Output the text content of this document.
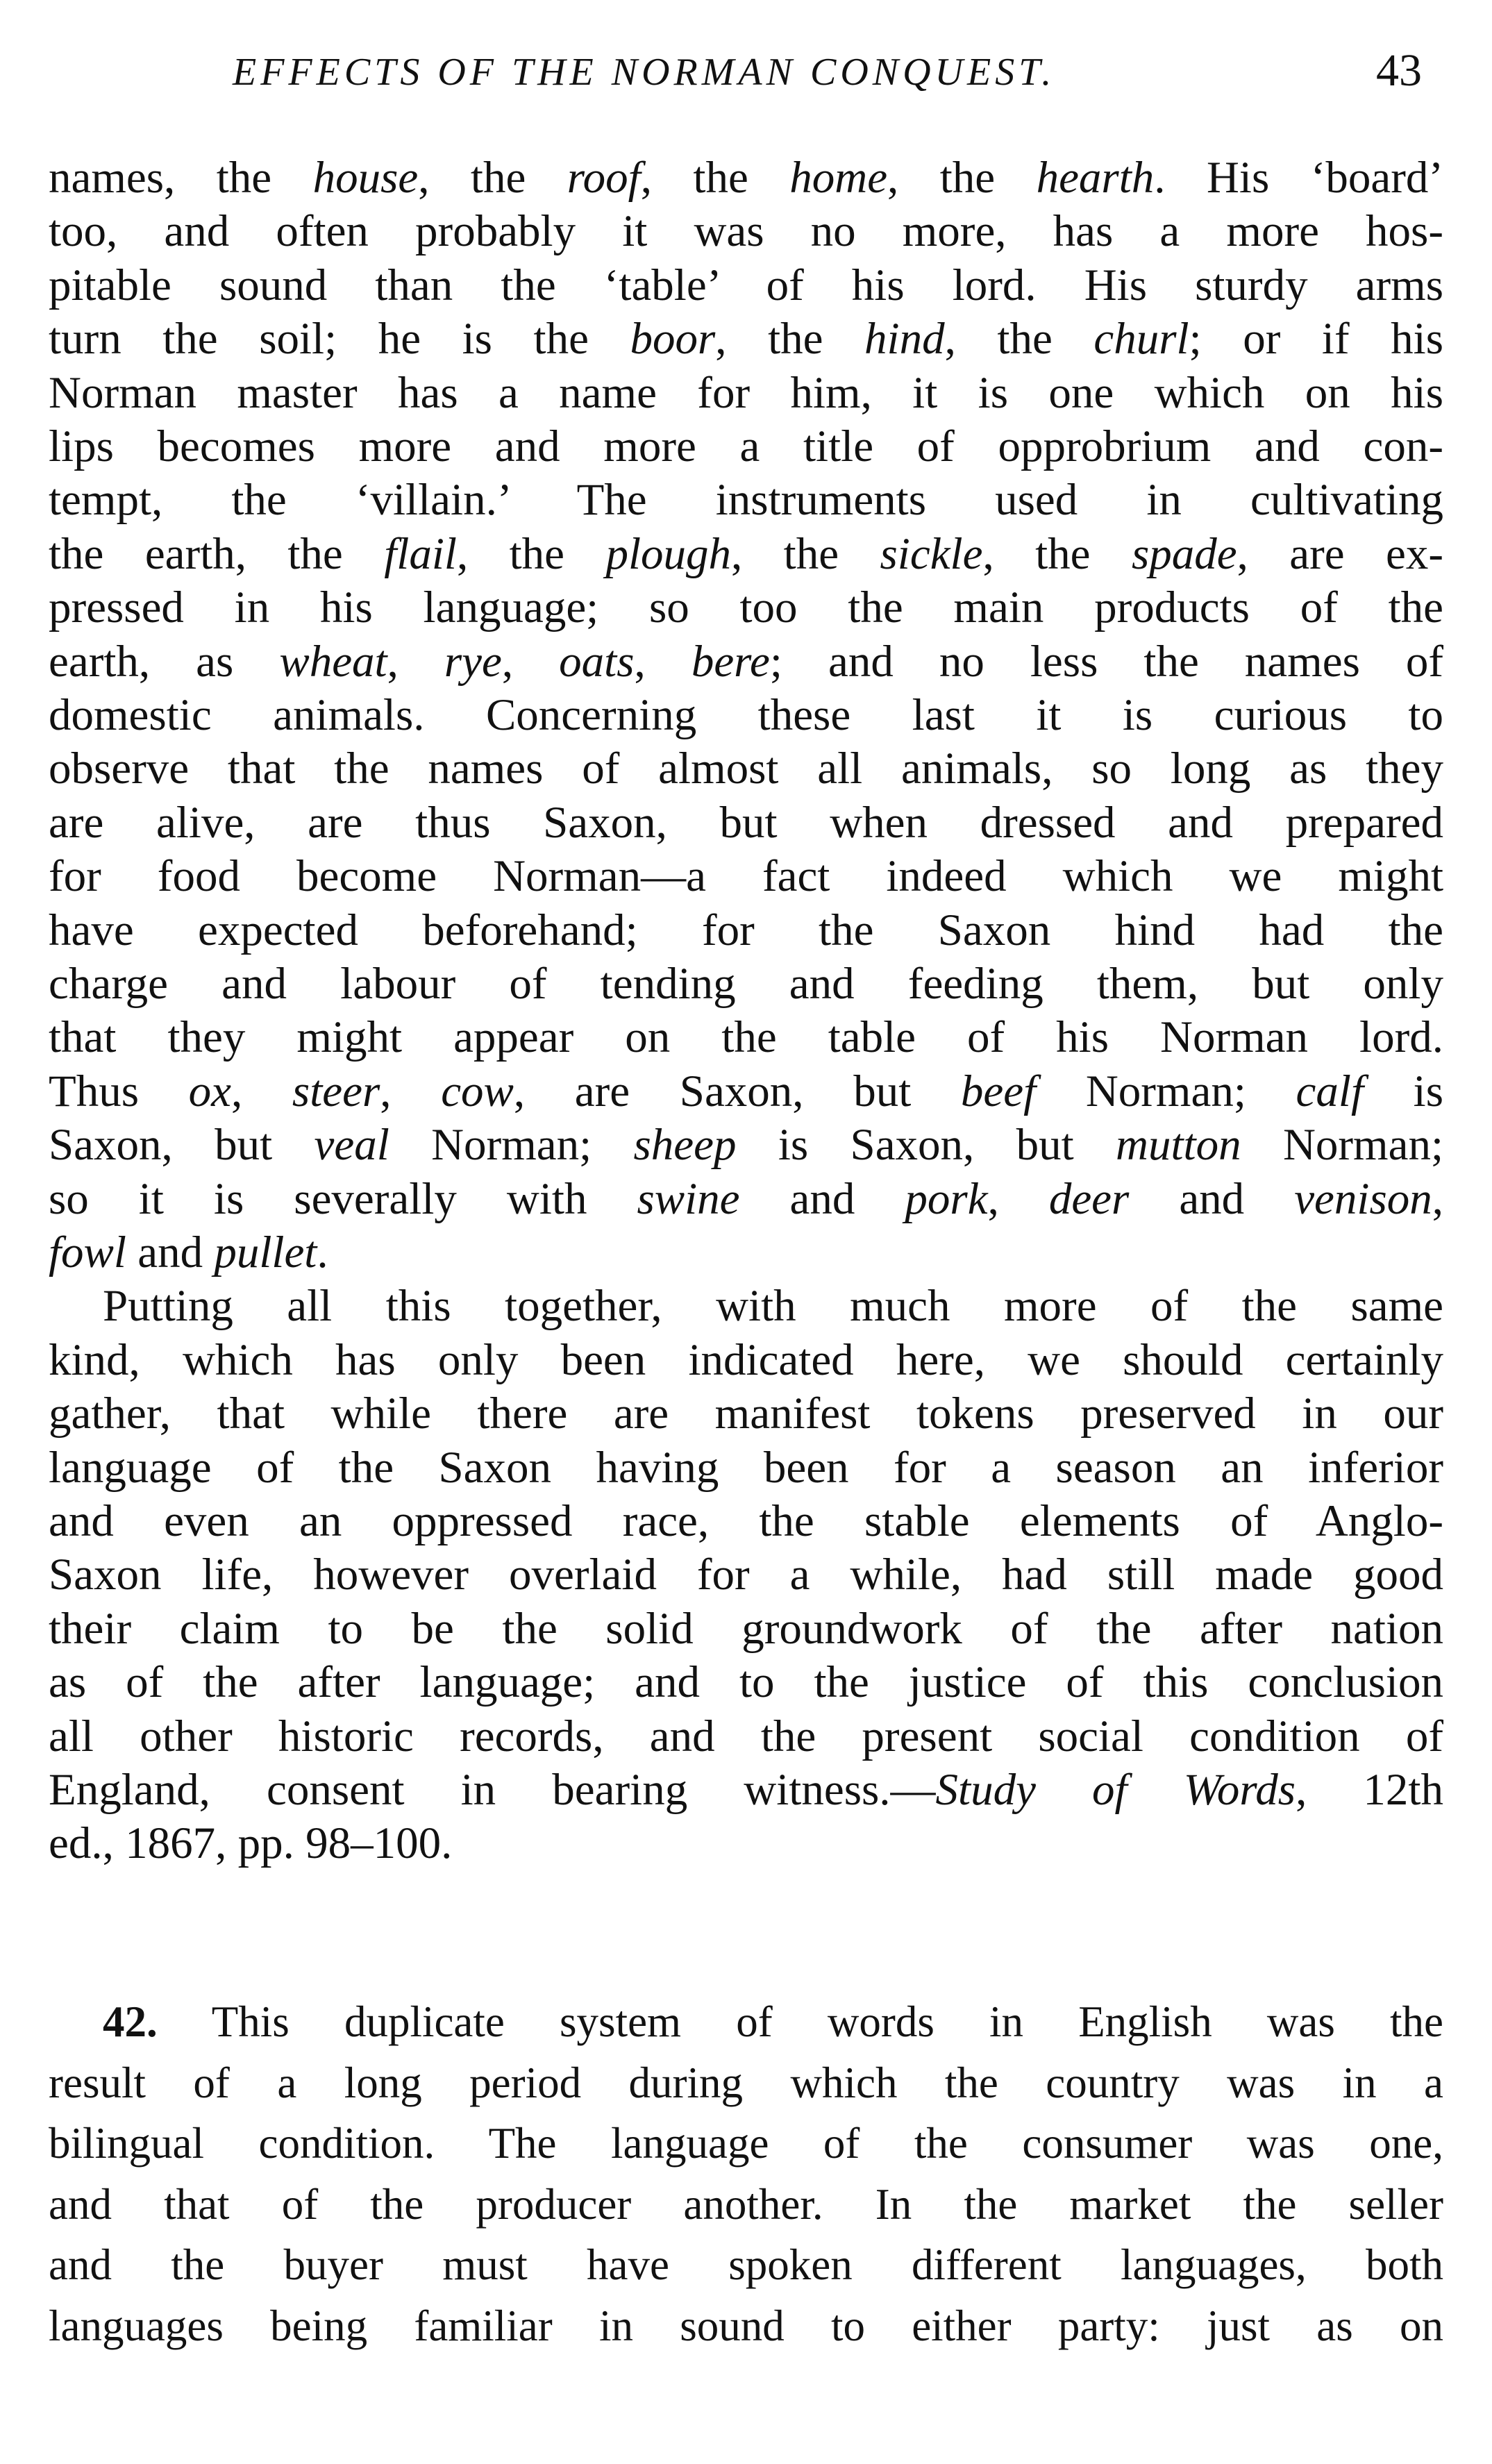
EFFECTS OF THE NORMAN CONQUEST.	43
names, the house, the roof, the home, the hearth. His ‘board’
too, and often probably it was no more, has a more hos-
pitable sound than the ‘table’ of his lord. His sturdy arms
turn the soil; he is the boor, the hind, the churl; or if his
Norman master has a name for him, it is one which on his
lips becomes more and more a title of opprobrium and con-
tempt, the ‘villain.’ The instruments used in cultivating
the earth, the flail, the plough, the sickle, the spade, are ex-
pressed in his language; so too the main products of the
earth, as wheat, rye, oats, bere; and no less the names of
domestic animals. Concerning these last it is curious to
observe that the names of almost all animals, so long as they
are alive, are thus Saxon, but when dressed and prepared
for food become Norman—a fact indeed which we might
have expected beforehand; for the Saxon hind had the
charge and labour of tending and feeding them, but only
that they might appear on the table of his Norman lord.
Thus ox, steer, cow, are Saxon, but beef Norman; calf is
Saxon, but veal Norman; sheep is Saxon, but mutton Norman;
so it is severally with swine and pork, deer and venison,
fowl and pullet.
Putting all this together, with much more of the same
kind, which has only been indicated here, we should certainly
gather, that while there are manifest tokens preserved in our
language of the Saxon having been for a season an inferior
and even an oppressed race, the stable elements of Anglo-
Saxon life, however overlaid for a while, had still made good
their claim to be the solid groundwork of the after nation
as of the after language; and to the justice of this conclusion
all other historic records, and the present social condition of
England, consent in bearing witness.—Study of Words, 12th
ed., 1867, pp. 98–100.
42. This duplicate system of words in English was the
result of a long period during which the country was in a
bilingual condition. The language of the consumer was one,
and that of the producer another. In the market the seller
and the buyer must have spoken different languages, both
languages being familiar in sound to either party: just as on
